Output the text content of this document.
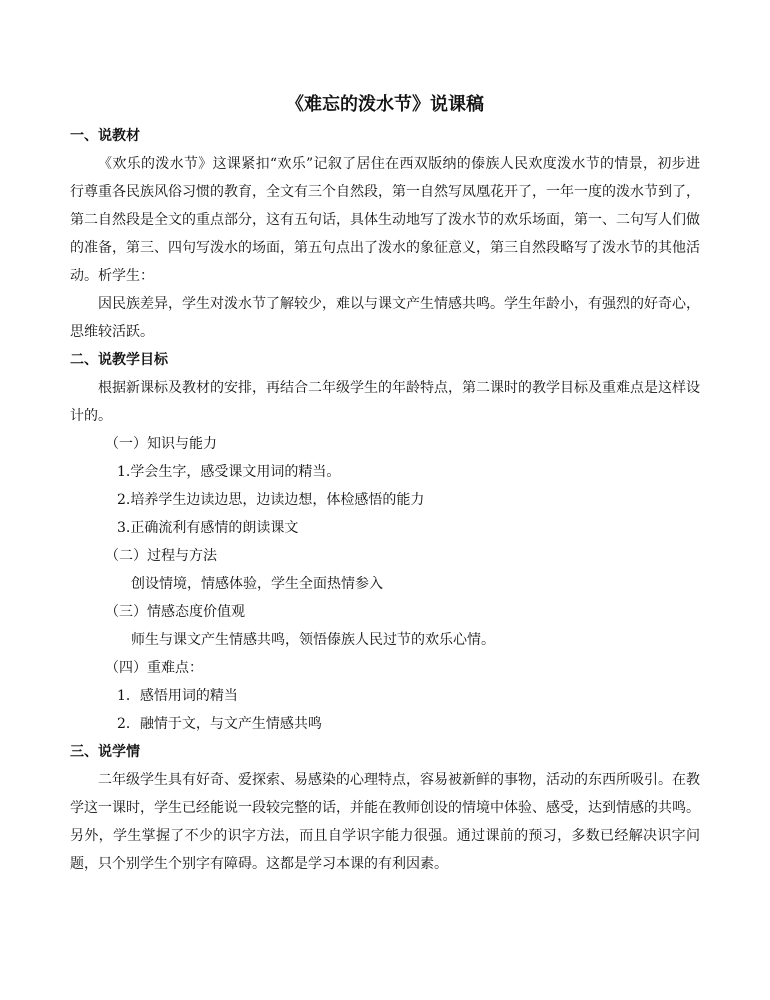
《难忘的泼水节》说课稿

一、说教材

《欢乐的泼水节》这课紧扣“欢乐”记叙了居住在西双版纳的傣族人民欢度泼水节的情景，初步进行尊重各民族风俗习惯的教育，全文有三个自然段，第一自然写凤凰花开了，一年一度的泼水节到了，第二自然段是全文的重点部分，这有五句话，具体生动地写了泼水节的欢乐场面，第一、二句写人们做的准备，第三、四句写泼水的场面，第五句点出了泼水的象征意义，第三自然段略写了泼水节的其他活动。析学生：

因民族差异，学生对泼水节了解较少，难以与课文产生情感共鸣。学生年龄小，有强烈的好奇心，思维较活跃。

二、说教学目标

根据新课标及教材的安排，再结合二年级学生的年龄特点，第二课时的教学目标及重难点是这样设计的。

（一）知识与能力

1.学会生字，感受课文用词的精当。

2.培养学生边读边思，边读边想，体检感悟的能力

3.正确流利有感情的朗读课文

（二）过程与方法

创设情境，情感体验，学生全面热情参入

（三）情感态度价值观

师生与课文产生情感共鸣，领悟傣族人民过节的欢乐心情。

（四）重难点：

1．感悟用词的精当

2．融情于文，与文产生情感共鸣

三、说学情

二年级学生具有好奇、爱探索、易感染的心理特点，容易被新鲜的事物，活动的东西所吸引。在教学这一课时，学生已经能说一段较完整的话，并能在教师创设的情境中体验、感受，达到情感的共鸣。另外，学生掌握了不少的识字方法，而且自学识字能力很强。通过课前的预习，多数已经解决识字问题，只个别学生个别字有障碍。这都是学习本课的有利因素。
